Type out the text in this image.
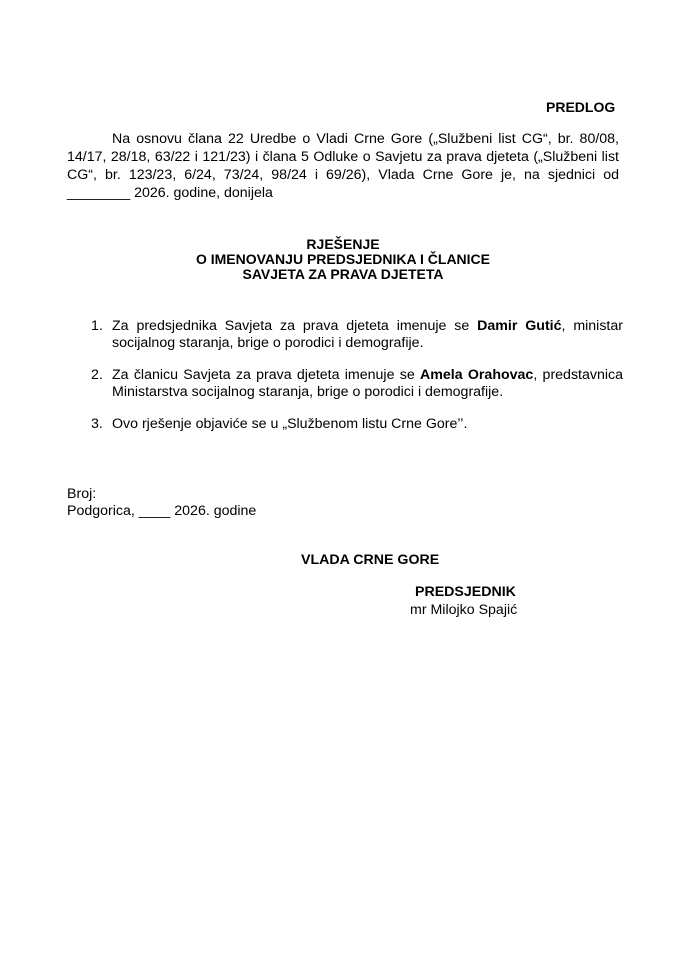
PREDLOG

Na osnovu člana 22 Uredbe o Vladi Crne Gore („Službeni list CG“, br. 80/08, 14/17, 28/18, 63/22 i 121/23) i člana 5 Odluke o Savjetu za prava djeteta („Službeni list CG“, br. 123/23, 6/24, 73/24, 98/24 i 69/26), Vlada Crne Gore je, na sjednici od ________ 2026. godine, donijela

RJEŠENJE
O IMENOVANJU PREDSJEDNIKA I ČLANICE
SAVJETA ZA PRAVA DJETETA
1. Za predsjednika Savjeta za prava djeteta imenuje se Damir Gutić, ministar socijalnog staranja, brige o porodici i demografije.
2. Za članicu Savjeta za prava djeteta imenuje se Amela Orahovac, predstavnica Ministarstva socijalnog staranja, brige o porodici i demografije.
3. Ovo rješenje objaviće se u „Službenom listu Crne Gore’’.
Broj:
Podgorica, ____ 2026. godine
VLADA CRNE GORE
PREDSJEDNIK
mr Milojko Spajić
